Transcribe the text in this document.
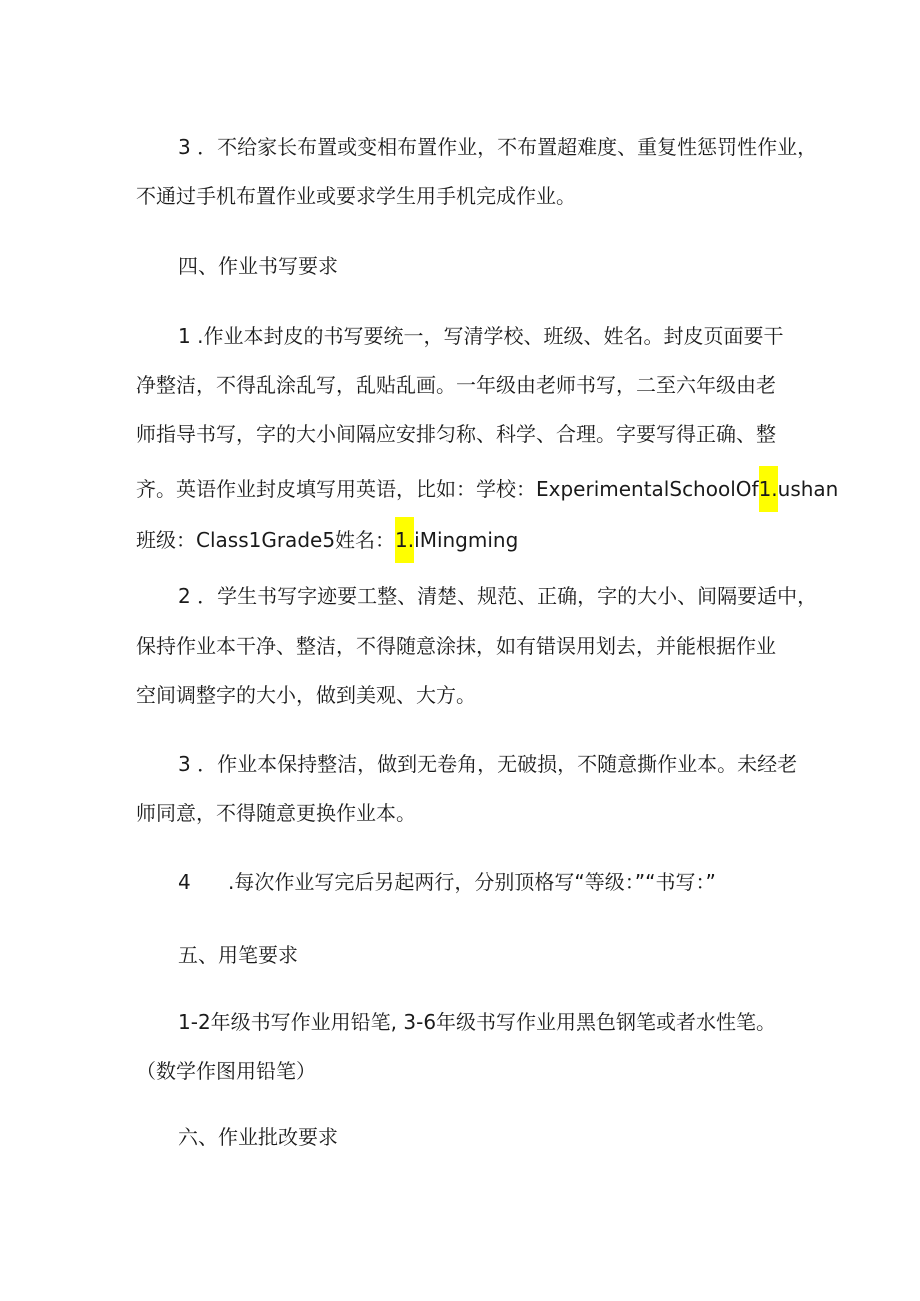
3 ．不给家长布置或变相布置作业，不布置超难度、重复性惩罚性作业，
不通过手机布置作业或要求学生用手机完成作业。
四、作业书写要求
1 .作业本封皮的书写要统一，写清学校、班级、姓名。封皮页面要干
净整洁，不得乱涂乱写，乱贴乱画。一年级由老师书写，二至六年级由老
师指导书写，字的大小间隔应安排匀称、科学、合理。字要写得正确、整
齐。英语作业封皮填写用英语，比如：学校：ExperimentalSchoolOf1.ushan
班级：Class1Grade5姓名：1.iMingming
2 ．学生书写字迹要工整、清楚、规范、正确，字的大小、间隔要适中，
保持作业本干净、整洁，不得随意涂抹，如有错误用划去，并能根据作业
空间调整字的大小，做到美观、大方。
3 ．作业本保持整洁，做到无卷角，无破损，不随意撕作业本。未经老
师同意，不得随意更换作业本。
4 .每次作业写完后另起两行，分别顶格写“等级：”“书写：”
五、用笔要求
1-2年级书写作业用铅笔, 3-6年级书写作业用黑色钢笔或者水性笔。
（数学作图用铅笔）
六、作业批改要求
